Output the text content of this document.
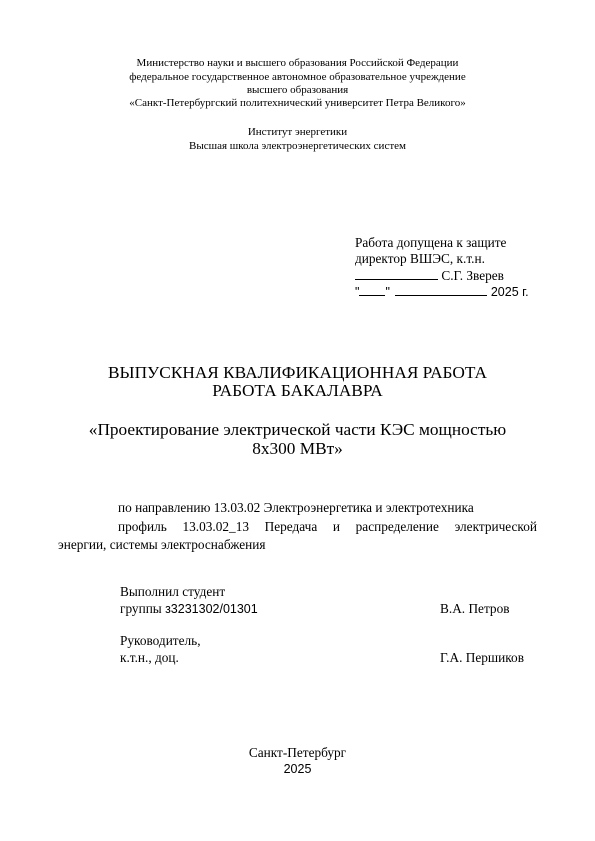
Министерство науки и высшего образования Российской Федерации
федеральное государственное автономное образовательное учреждение
высшего образования
«Санкт-Петербургский политехнический университет Петра Великого»
Институт энергетики
Высшая школа электроэнергетических систем
Работа допущена к защите
директор ВШЭС, к.т.н.
С.Г. Зверев
" "	2025 г.
ВЫПУСКНАЯ КВАЛИФИКАЦИОННАЯ РАБОТА
РАБОТА БАКАЛАВРА
«Проектирование электрической части КЭС мощностью
8х300 МВт»
по направлению 13.03.02 Электроэнергетика и электротехника
профиль 13.03.02_13 Передача и распределение электрической
энергии, системы электроснабжения
Выполнил студент
группы з3231302/01301	В.А. Петров
Руководитель,
к.т.н., доц.	Г.А. Першиков
Санкт-Петербург
2025
